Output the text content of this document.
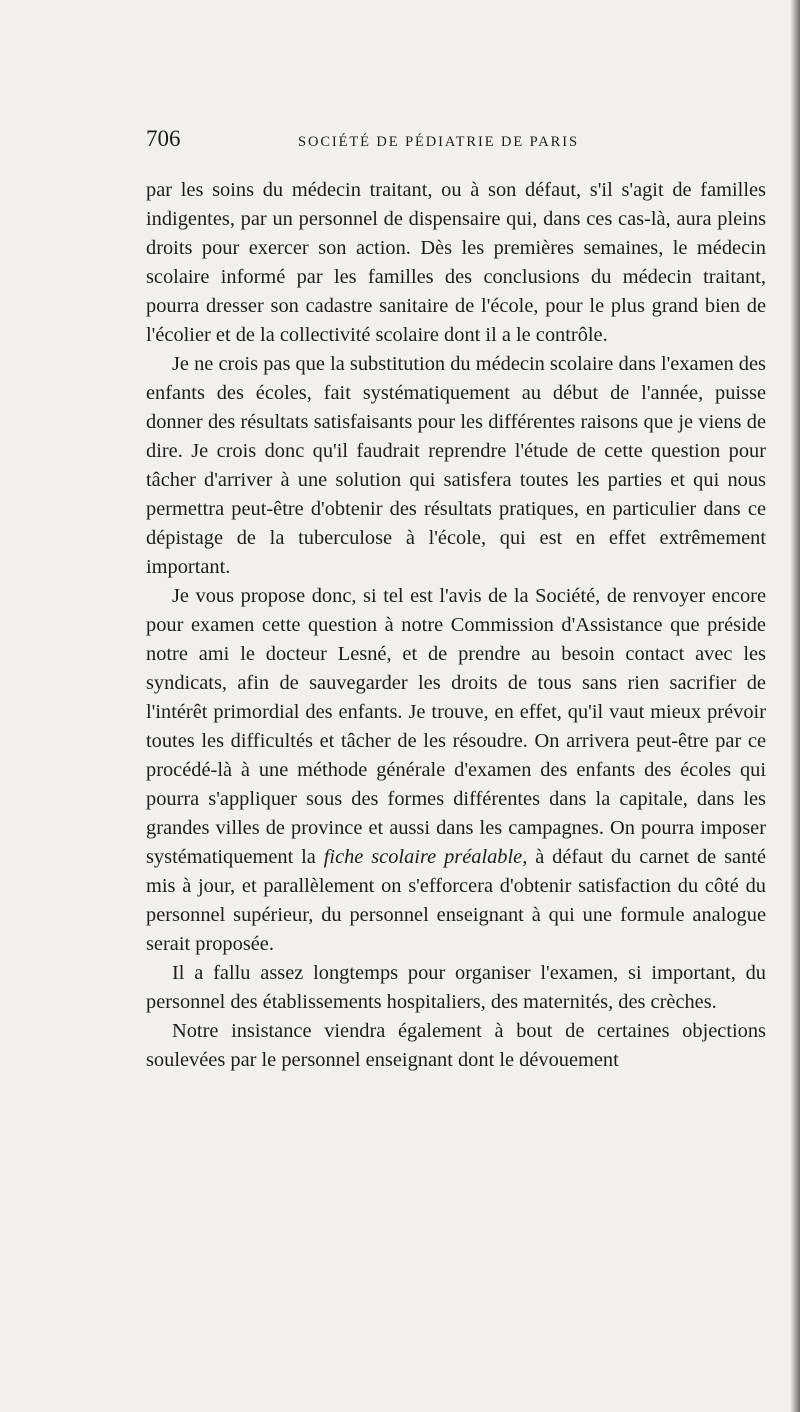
706	SOCIÉTÉ DE PÉDIATRIE DE PARIS

par les soins du médecin traitant, ou à son défaut, s'il s'agit de familles indigentes, par un personnel de dispensaire qui, dans ces cas-là, aura pleins droits pour exercer son action. Dès les premières semaines, le médecin scolaire informé par les familles des conclusions du médecin traitant, pourra dresser son cadastre sanitaire de l'école, pour le plus grand bien de l'écolier et de la collectivité scolaire dont il a le contrôle.

Je ne crois pas que la substitution du médecin scolaire dans l'examen des enfants des écoles, fait systématiquement au début de l'année, puisse donner des résultats satisfaisants pour les différentes raisons que je viens de dire. Je crois donc qu'il faudrait reprendre l'étude de cette question pour tâcher d'arriver à une solution qui satisfera toutes les parties et qui nous permettra peut-être d'obtenir des résultats pratiques, en particulier dans ce dépistage de la tuberculose à l'école, qui est en effet extrêmement important.

Je vous propose donc, si tel est l'avis de la Société, de renvoyer encore pour examen cette question à notre Commission d'Assistance que préside notre ami le docteur Lesné, et de prendre au besoin contact avec les syndicats, afin de sauvegarder les droits de tous sans rien sacrifier de l'intérêt primordial des enfants. Je trouve, en effet, qu'il vaut mieux prévoir toutes les difficultés et tâcher de les résoudre. On arrivera peut-être par ce procédé-là à une méthode générale d'examen des enfants des écoles qui pourra s'appliquer sous des formes différentes dans la capitale, dans les grandes villes de province et aussi dans les campagnes. On pourra imposer systématiquement la fiche scolaire préalable, à défaut du carnet de santé mis à jour, et parallèlement on s'efforcera d'obtenir satisfaction du côté du personnel supérieur, du personnel enseignant à qui une formule analogue serait proposée.

Il a fallu assez longtemps pour organiser l'examen, si important, du personnel des établissements hospitaliers, des maternités, des crèches.

Notre insistance viendra également à bout de certaines objections soulevées par le personnel enseignant dont le dévouement
